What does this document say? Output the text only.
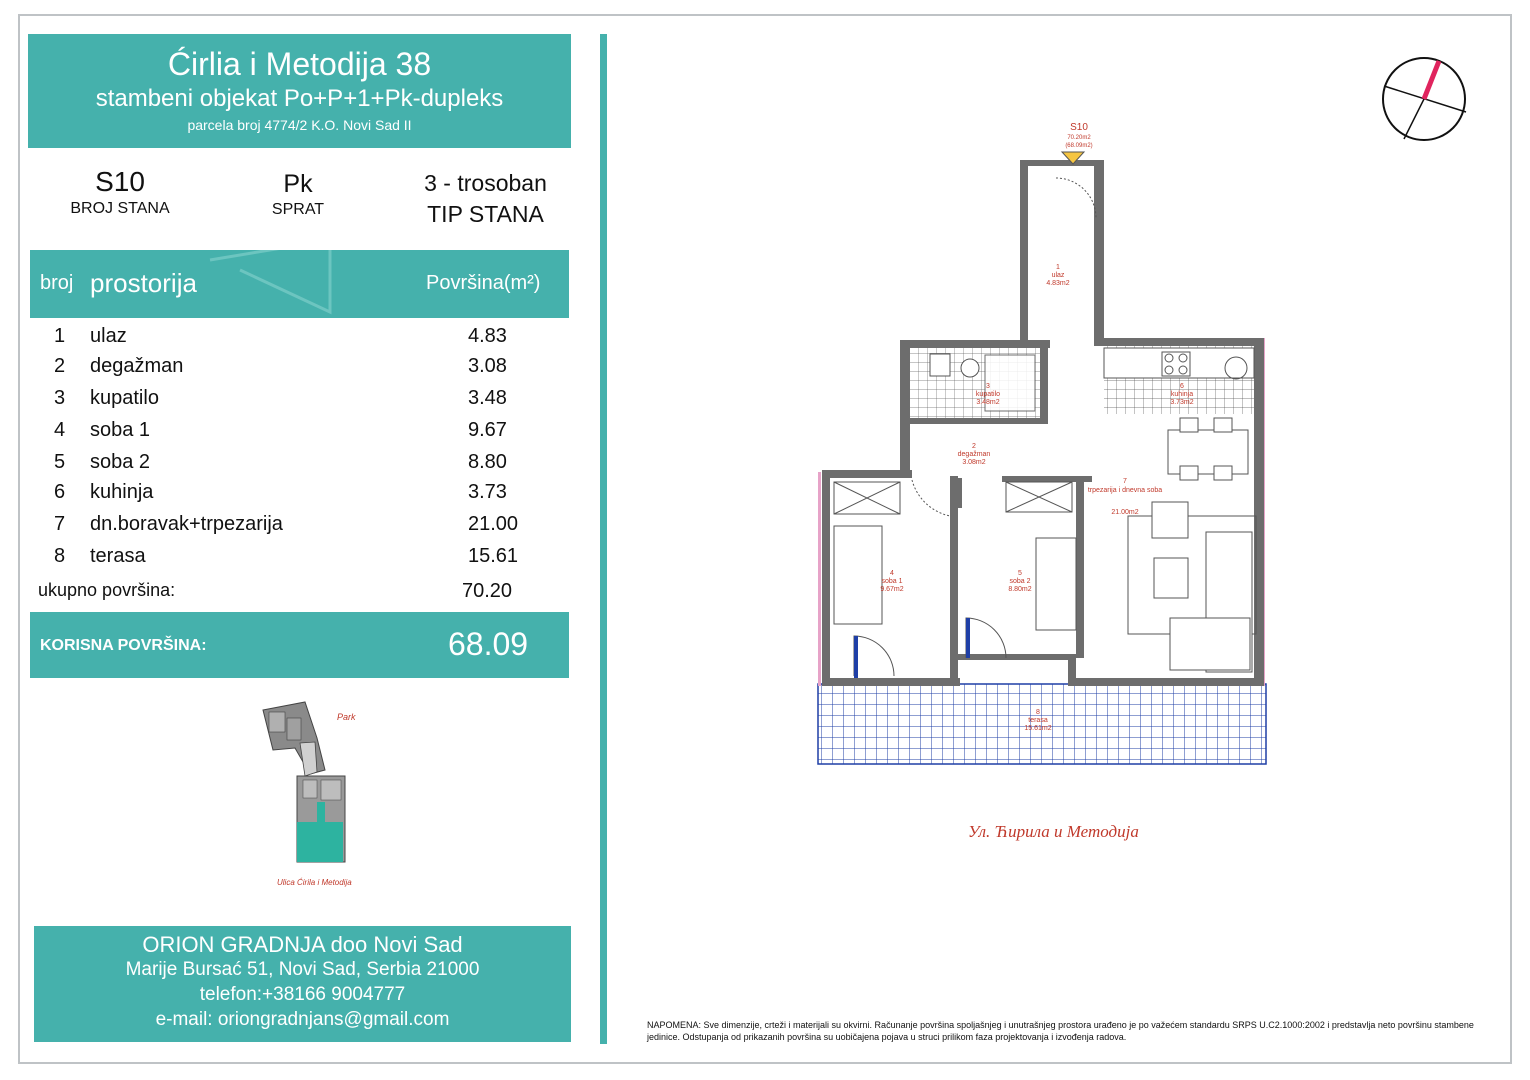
Ćirlia i Metodija 38
stambeni objekat Po+P+1+Pk-dupleks
parcela broj 4774/2 K.O. Novi Sad II
S10
BROJ STANA
Pk
SPRAT
3 - trosoban
TIP STANA
broj prostorija	Površina(m²)
1 ulaz	4.83
2 degažman	3.08
3 kupatilo	3.48
4 soba 1	9.67
5 soba 2	8.80
6 kuhinja	3.73
7 dn.boravak+trpezarija	21.00
8 terasa	15.61
ukupno površina:	70.20
KORISNA POVRŠINA:	68.09
Park
Ulica Ćirila i Metodija
ORION GRADNJA doo Novi Sad
Marije Bursać 51, Novi Sad, Serbia 21000
telefon:+38166 9004777
e-mail: oriongradnjans@gmail.com
S10
70.20m2
(68.09m2)
1
ulaz
4.83m2
2
degažman
3.08m2
3
kupatilo
3.48m2
4
soba 1
9.67m2
5
soba 2
8.80m2
6
kuhinja
3.73m2
7
trpezarija i dnevna soba
21.00m2
8
terasa
15.61m2
Ул. Ћирила и Методија
NAPOMENA: Sve dimenzije, crteži i materijali su okvirni. Računanje površina spoljašnjeg i unutrašnjeg prostora urađeno je po važećem standardu SRPS U.C2.1000:2002 i predstavlja neto površinu stambene jedinice. Odstupanja od prikazanih površina su uobičajena pojava u struci prilikom faza projektovanja i izvođenja radova.
